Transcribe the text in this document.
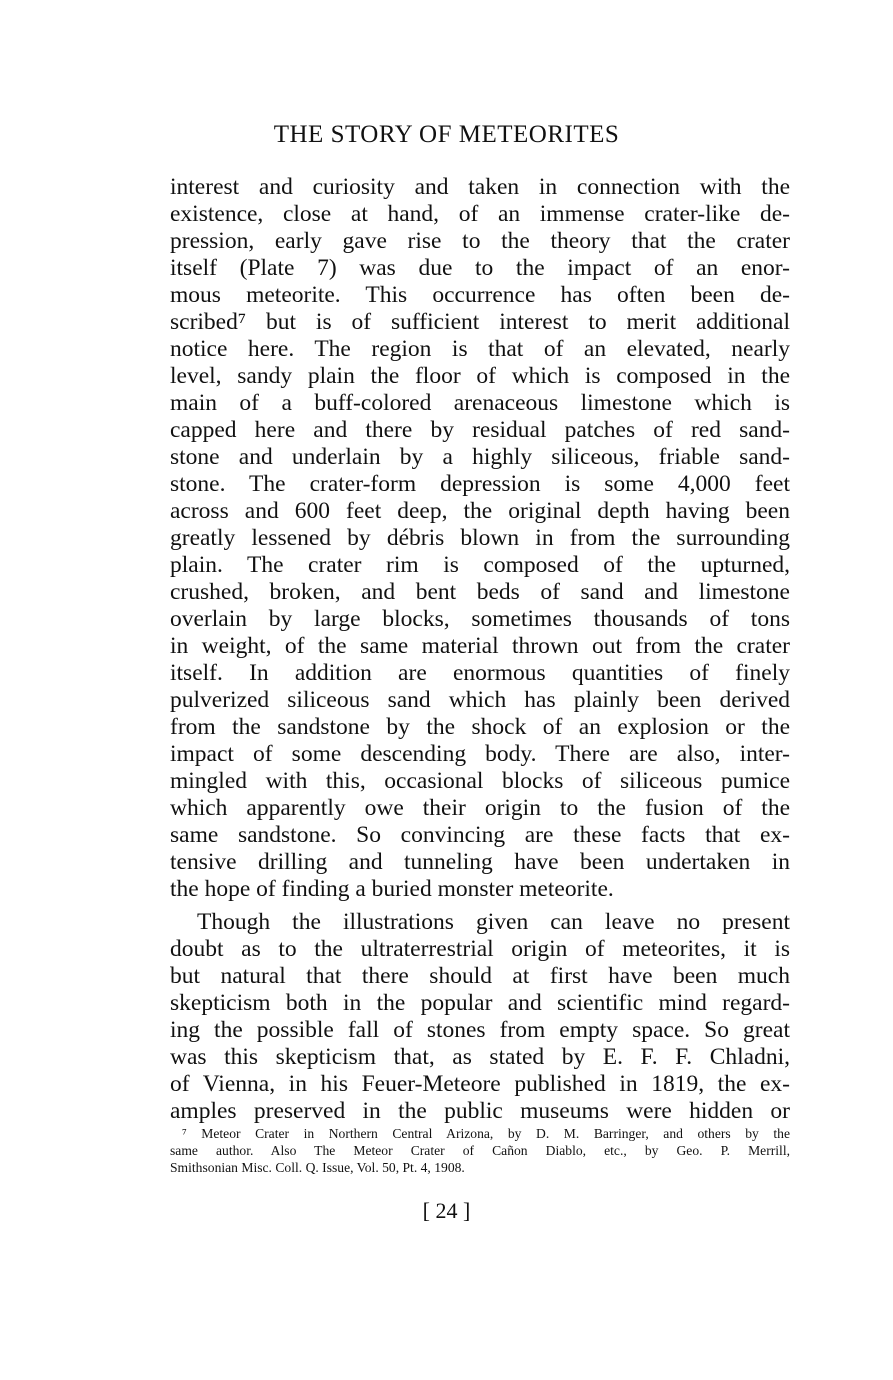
THE STORY OF METEORITES
interest and curiosity and taken in connection with the
existence, close at hand, of an immense crater-like de-
pression, early gave rise to the theory that the crater
itself (Plate 7) was due to the impact of an enor-
mous meteorite. This occurrence has often been de-
scribed⁷ but is of sufficient interest to merit additional
notice here. The region is that of an elevated, nearly
level, sandy plain the floor of which is composed in the
main of a buff-colored arenaceous limestone which is
capped here and there by residual patches of red sand-
stone and underlain by a highly siliceous, friable sand-
stone. The crater-form depression is some 4,000 feet
across and 600 feet deep, the original depth having been
greatly lessened by débris blown in from the surrounding
plain. The crater rim is composed of the upturned,
crushed, broken, and bent beds of sand and limestone
overlain by large blocks, sometimes thousands of tons
in weight, of the same material thrown out from the crater
itself. In addition are enormous quantities of finely
pulverized siliceous sand which has plainly been derived
from the sandstone by the shock of an explosion or the
impact of some descending body. There are also, inter-
mingled with this, occasional blocks of siliceous pumice
which apparently owe their origin to the fusion of the
same sandstone. So convincing are these facts that ex-
tensive drilling and tunneling have been undertaken in
the hope of finding a buried monster meteorite.
Though the illustrations given can leave no present
doubt as to the ultraterrestrial origin of meteorites, it is
but natural that there should at first have been much
skepticism both in the popular and scientific mind regard-
ing the possible fall of stones from empty space. So great
was this skepticism that, as stated by E. F. F. Chladni,
of Vienna, in his Feuer-Meteore published in 1819, the ex-
amples preserved in the public museums were hidden or
⁷ Meteor Crater in Northern Central Arizona, by D. M. Barringer, and others by the
same author. Also The Meteor Crater of Cañon Diablo, etc., by Geo. P. Merrill,
Smithsonian Misc. Coll. Q. Issue, Vol. 50, Pt. 4, 1908.
[ 24 ]
